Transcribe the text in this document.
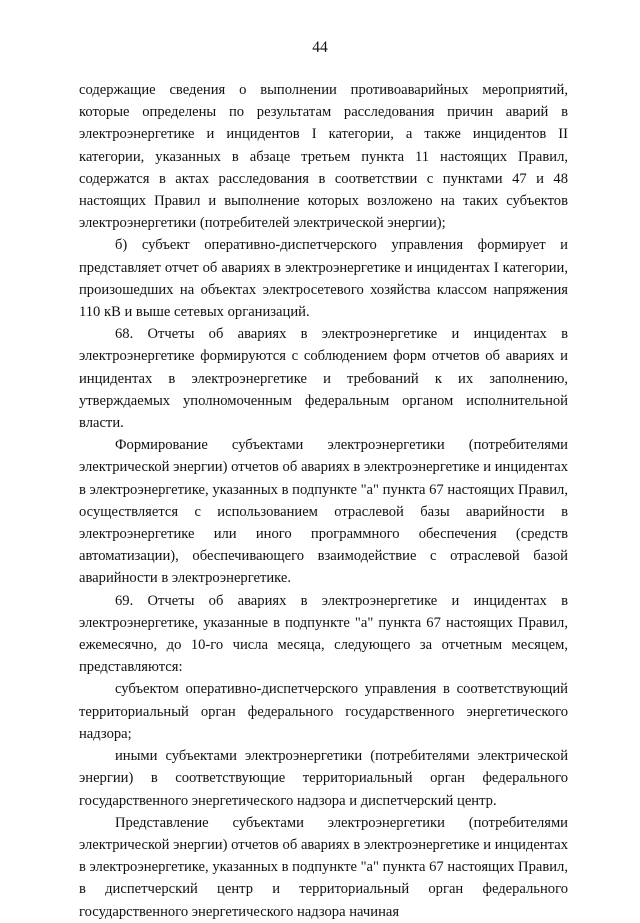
44

содержащие сведения о выполнении противоаварийных мероприятий, которые определены по результатам расследования причин аварий в электроэнергетике и инцидентов I категории, а также инцидентов II категории, указанных в абзаце третьем пункта 11 настоящих Правил, содержатся в актах расследования в соответствии с пунктами 47 и 48 настоящих Правил и выполнение которых возложено на таких субъектов электроэнергетики (потребителей электрической энергии);

б) субъект оперативно-диспетчерского управления формирует и представляет отчет об авариях в электроэнергетике и инцидентах I категории, произошедших на объектах электросетевого хозяйства классом напряжения 110 кВ и выше сетевых организаций.

68. Отчеты об авариях в электроэнергетике и инцидентах в электроэнергетике формируются с соблюдением форм отчетов об авариях и инцидентах в электроэнергетике и требований к их заполнению, утверждаемых уполномоченным федеральным органом исполнительной власти.

Формирование субъектами электроэнергетики (потребителями электрической энергии) отчетов об авариях в электроэнергетике и инцидентах в электроэнергетике, указанных в подпункте "а" пункта 67 настоящих Правил, осуществляется с использованием отраслевой базы аварийности в электроэнергетике или иного программного обеспечения (средств автоматизации), обеспечивающего взаимодействие с отраслевой базой аварийности в электроэнергетике.

69. Отчеты об авариях в электроэнергетике и инцидентах в электроэнергетике, указанные в подпункте "а" пункта 67 настоящих Правил, ежемесячно, до 10-го числа месяца, следующего за отчетным месяцем, представляются:

субъектом оперативно-диспетчерского управления в соответствующий территориальный орган федерального государственного энергетического надзора;

иными субъектами электроэнергетики (потребителями электрической энергии) в соответствующие территориальный орган федерального государственного энергетического надзора и диспетчерский центр.

Представление субъектами электроэнергетики (потребителями электрической энергии) отчетов об авариях в электроэнергетике и инцидентах в электроэнергетике, указанных в подпункте "а" пункта 67 настоящих Правил, в диспетчерский центр и территориальный орган федерального государственного энергетического надзора начиная
